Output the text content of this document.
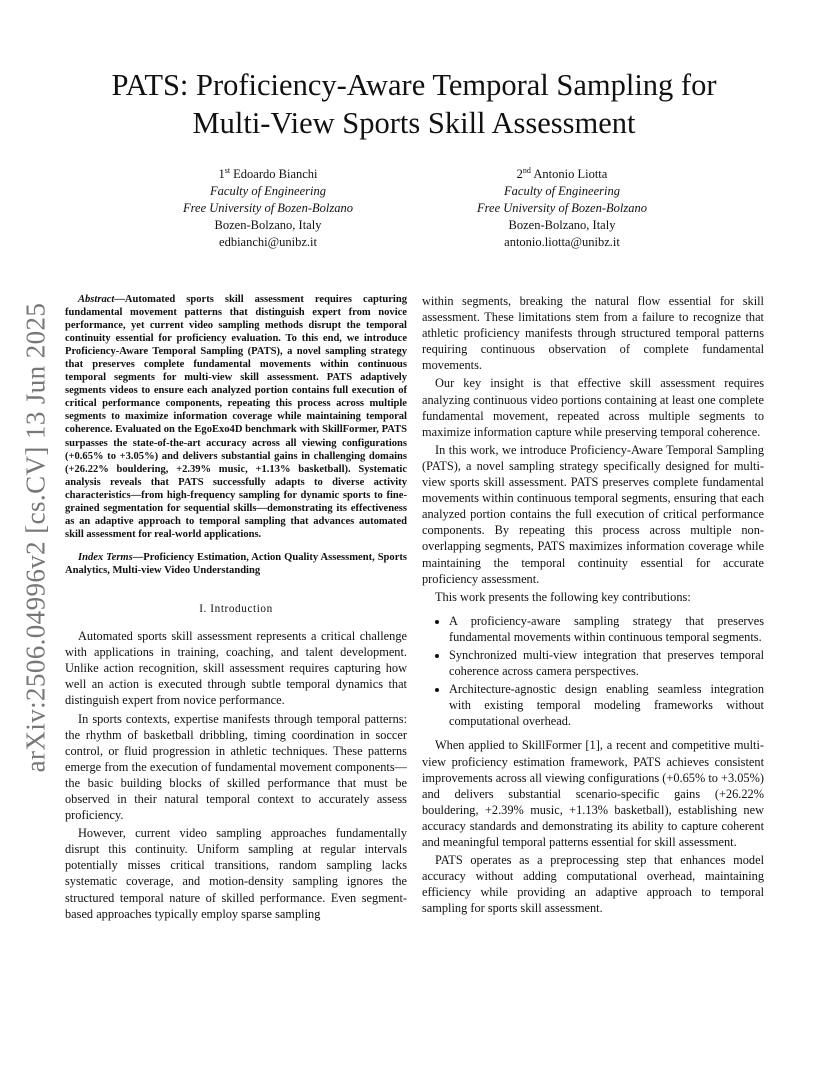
arXiv:2506.04996v2 [cs.CV] 13 Jun 2025
PATS: Proficiency-Aware Temporal Sampling for
Multi-View Sports Skill Assessment
1st Edoardo Bianchi
Faculty of Engineering
Free University of Bozen-Bolzano
Bozen-Bolzano, Italy
edbianchi@unibz.it
2nd Antonio Liotta
Faculty of Engineering
Free University of Bozen-Bolzano
Bozen-Bolzano, Italy
antonio.liotta@unibz.it

Abstract—Automated sports skill assessment requires capturing fundamental movement patterns that distinguish expert from novice performance, yet current video sampling methods disrupt the temporal continuity essential for proficiency evaluation. To this end, we introduce Proficiency-Aware Temporal Sampling (PATS), a novel sampling strategy that preserves complete fundamental movements within continuous temporal segments for multi-view skill assessment. PATS adaptively segments videos to ensure each analyzed portion contains full execution of critical performance components, repeating this process across multiple segments to maximize information coverage while maintaining temporal coherence. Evaluated on the EgoExo4D benchmark with SkillFormer, PATS surpasses the state-of-the-art accuracy across all viewing configurations (+0.65% to +3.05%) and delivers substantial gains in challenging domains (+26.22% bouldering, +2.39% music, +1.13% basketball). Systematic analysis reveals that PATS successfully adapts to diverse activity characteristics—from high-frequency sampling for dynamic sports to fine-grained segmentation for sequential skills—demonstrating its effectiveness as an adaptive approach to temporal sampling that advances automated skill assessment for real-world applications.

Index Terms—Proficiency Estimation, Action Quality Assessment, Sports Analytics, Multi-view Video Understanding

I. Introduction

Automated sports skill assessment represents a critical challenge with applications in training, coaching, and talent development. Unlike action recognition, skill assessment requires capturing how well an action is executed through subtle temporal dynamics that distinguish expert from novice performance.

In sports contexts, expertise manifests through temporal patterns: the rhythm of basketball dribbling, timing coordination in soccer control, or fluid progression in athletic techniques. These patterns emerge from the execution of fundamental movement components—the basic building blocks of skilled performance that must be observed in their natural temporal context to accurately assess proficiency.

However, current video sampling approaches fundamentally disrupt this continuity. Uniform sampling at regular intervals potentially misses critical transitions, random sampling lacks systematic coverage, and motion-density sampling ignores the structured temporal nature of skilled performance. Even segment-based approaches typically employ sparse sampling

within segments, breaking the natural flow essential for skill assessment. These limitations stem from a failure to recognize that athletic proficiency manifests through structured temporal patterns requiring continuous observation of complete fundamental movements.

Our key insight is that effective skill assessment requires analyzing continuous video portions containing at least one complete fundamental movement, repeated across multiple segments to maximize information capture while preserving temporal coherence.

In this work, we introduce Proficiency-Aware Temporal Sampling (PATS), a novel sampling strategy specifically designed for multi-view sports skill assessment. PATS preserves complete fundamental movements within continuous temporal segments, ensuring that each analyzed portion contains the full execution of critical performance components. By repeating this process across multiple non-overlapping segments, PATS maximizes information coverage while maintaining the temporal continuity essential for accurate proficiency assessment.

This work presents the following key contributions:

• A proficiency-aware sampling strategy that preserves fundamental movements within continuous temporal segments.
• Synchronized multi-view integration that preserves temporal coherence across camera perspectives.
• Architecture-agnostic design enabling seamless integration with existing temporal modeling frameworks without computational overhead.

When applied to SkillFormer [1], a recent and competitive multi-view proficiency estimation framework, PATS achieves consistent improvements across all viewing configurations (+0.65% to +3.05%) and delivers substantial scenario-specific gains (+26.22% bouldering, +2.39% music, +1.13% basketball), establishing new accuracy standards and demonstrating its ability to capture coherent and meaningful temporal patterns essential for skill assessment.

PATS operates as a preprocessing step that enhances model accuracy without adding computational overhead, maintaining efficiency while providing an adaptive approach to temporal sampling for sports skill assessment.
